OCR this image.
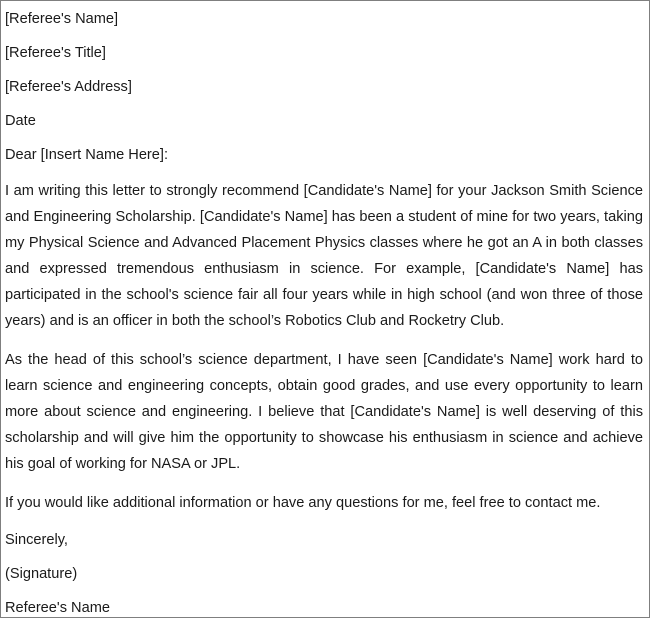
[Referee's Name]

[Referee's Title]

[Referee's Address]

Date

Dear [Insert Name Here]:

I am writing this letter to strongly recommend [Candidate's Name] for your Jackson Smith Science and Engineering Scholarship. [Candidate's Name] has been a student of mine for two years, taking my Physical Science and Advanced Placement Physics classes where he got an A in both classes and expressed tremendous enthusiasm in science. For example, [Candidate's Name] has participated in the school's science fair all four years while in high school (and won three of those years) and is an officer in both the school’s Robotics Club and Rocketry Club.

As the head of this school’s science department, I have seen [Candidate's Name] work hard to learn science and engineering concepts, obtain good grades, and use every opportunity to learn more about science and engineering. I believe that [Candidate's Name] is well deserving of this scholarship and will give him the opportunity to showcase his enthusiasm in science and achieve his goal of working for NASA or JPL.

If you would like additional information or have any questions for me, feel free to contact me.

Sincerely,

(Signature)

Referee's Name
